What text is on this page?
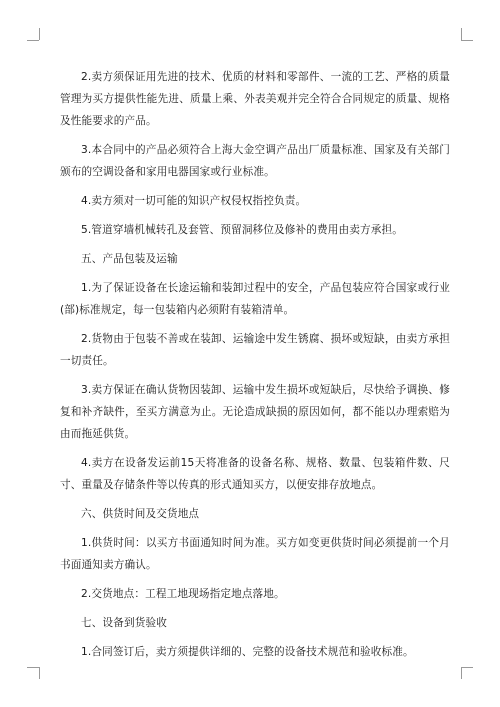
2.卖方须保证用先进的技术、优质的材料和零部件、一流的工艺、严格的质量管理为买方提供性能先进、质量上乘、外表美观并完全符合合同规定的质量、规格及性能要求的产品。

3.本合同中的产品必须符合上海大金空调产品出厂质量标准、国家及有关部门颁布的空调设备和家用电器国家或行业标准。

4.卖方须对一切可能的知识产权侵权指控负责。

5.管道穿墙机械转孔及套管、预留洞移位及修补的费用由卖方承担。

五、产品包装及运输

1.为了保证设备在长途运输和装卸过程中的安全，产品包装应符合国家或行业(部)标准规定，每一包装箱内必须附有装箱清单。

2.货物由于包装不善或在装卸、运输途中发生锈腐、损坏或短缺，由卖方承担一切责任。

3.卖方保证在确认货物因装卸、运输中发生损坏或短缺后，尽快给予调换、修复和补齐缺件，至买方满意为止。无论造成缺损的原因如何，都不能以办理索赔为由而拖延供货。

4.卖方在设备发运前15天将准备的设备名称、规格、数量、包装箱件数、尺寸、重量及存储条件等以传真的形式通知买方，以便安排存放地点。

六、供货时间及交货地点

1.供货时间：以买方书面通知时间为准。买方如变更供货时间必须提前一个月书面通知卖方确认。

2.交货地点：工程工地现场指定地点落地。

七、设备到货验收

1.合同签订后，卖方须提供详细的、完整的设备技术规范和验收标准。
